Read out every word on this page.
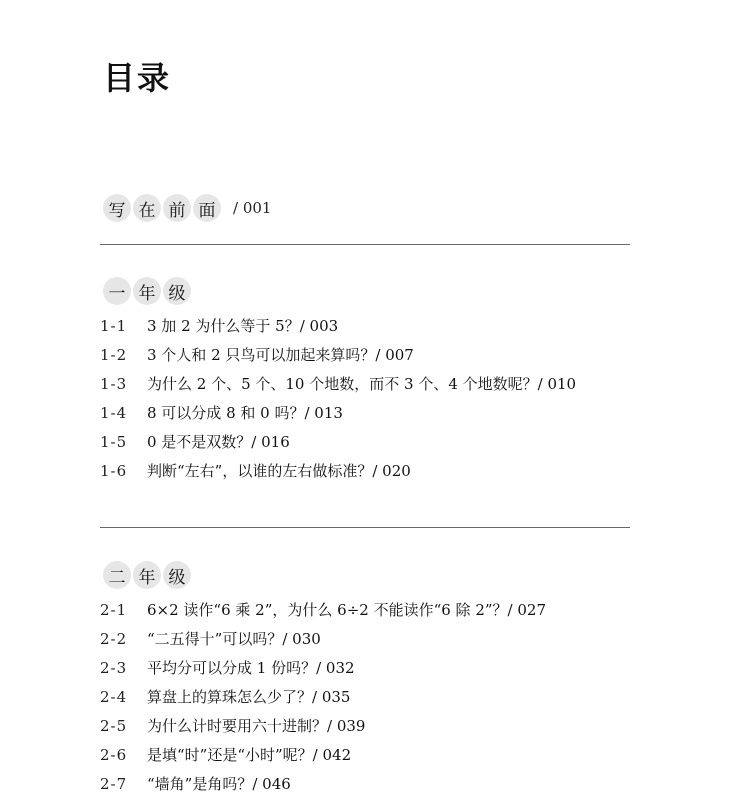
目录
写 在 前 面	/ 001
一 年 级
1-1	3 加 2 为什么等于 5？/ 003
1-2	3 个人和 2 只鸟可以加起来算吗？/ 007
1-3	为什么 2 个、5 个、10 个地数，而不 3 个、4 个地数呢？/ 010
1-4	8 可以分成 8 和 0 吗？/ 013
1-5	0 是不是双数？/ 016
1-6	判断“左右”，以谁的左右做标准？/ 020
二 年 级
2-1	6×2 读作“6 乘 2”，为什么 6÷2 不能读作“6 除 2”？/ 027
2-2	“二五得十”可以吗？/ 030
2-3	平均分可以分成 1 份吗？/ 032
2-4	算盘上的算珠怎么少了？/ 035
2-5	为什么计时要用六十进制？/ 039
2-6	是填“时”还是“小时”呢？/ 042
2-7	“墙角”是角吗？/ 046
